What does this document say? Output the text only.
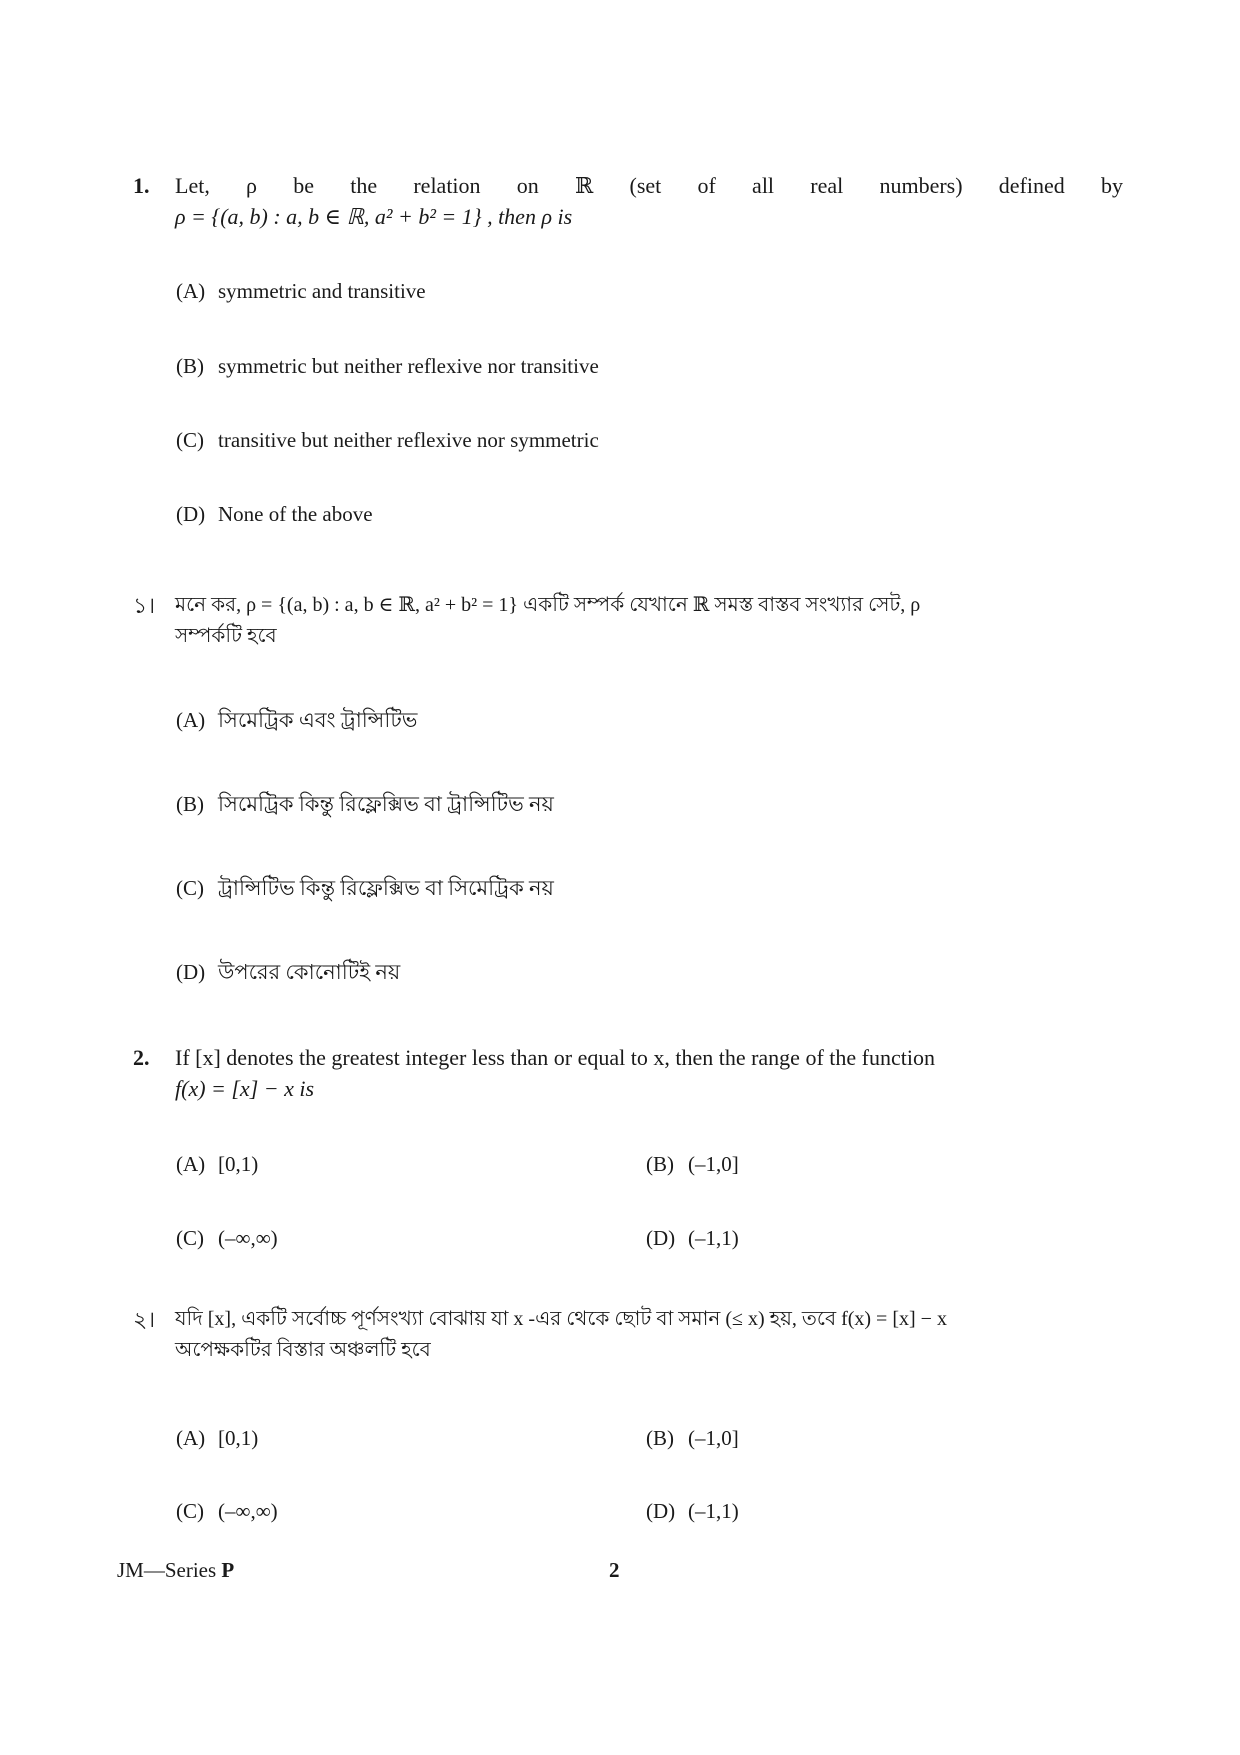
1. Let, ρ be the relation on ℝ (set of all real numbers) defined by
ρ = {(a, b) : a, b ∈ ℝ, a² + b² = 1} , then ρ is
(A) symmetric and transitive
(B) symmetric but neither reflexive nor transitive
(C) transitive but neither reflexive nor symmetric
(D) None of the above
১। মনে কর, ρ = {(a, b) : a, b ∈ ℝ, a² + b² = 1} একটি সম্পর্ক যেখানে ℝ সমস্ত বাস্তব সংখ্যার সেট, ρ
সম্পর্কটি হবে
(A) সিমেট্রিক এবং ট্রান্সিটিভ
(B) সিমেট্রিক কিন্তু রিফ্লেক্সিভ বা ট্রান্সিটিভ নয়
(C) ট্রান্সিটিভ কিন্তু রিফ্লেক্সিভ বা সিমেট্রিক নয়
(D) উপরের কোনোটিই নয়
2. If [x] denotes the greatest integer less than or equal to x, then the range of the function
f(x) = [x] − x is
(A) [0,1)	(B) (–1,0]
(C) (–∞,∞)	(D) (–1,1)
২। যদি [x], একটি সর্বোচ্চ পূর্ণসংখ্যা বোঝায় যা x -এর থেকে ছোট বা সমান (≤ x) হয়, তবে f(x) = [x] − x
অপেক্ষকটির বিস্তার অঞ্চলটি হবে
(A) [0,1)	(B) (–1,0]
(C) (–∞,∞)	(D) (–1,1)
JM—Series P	2
